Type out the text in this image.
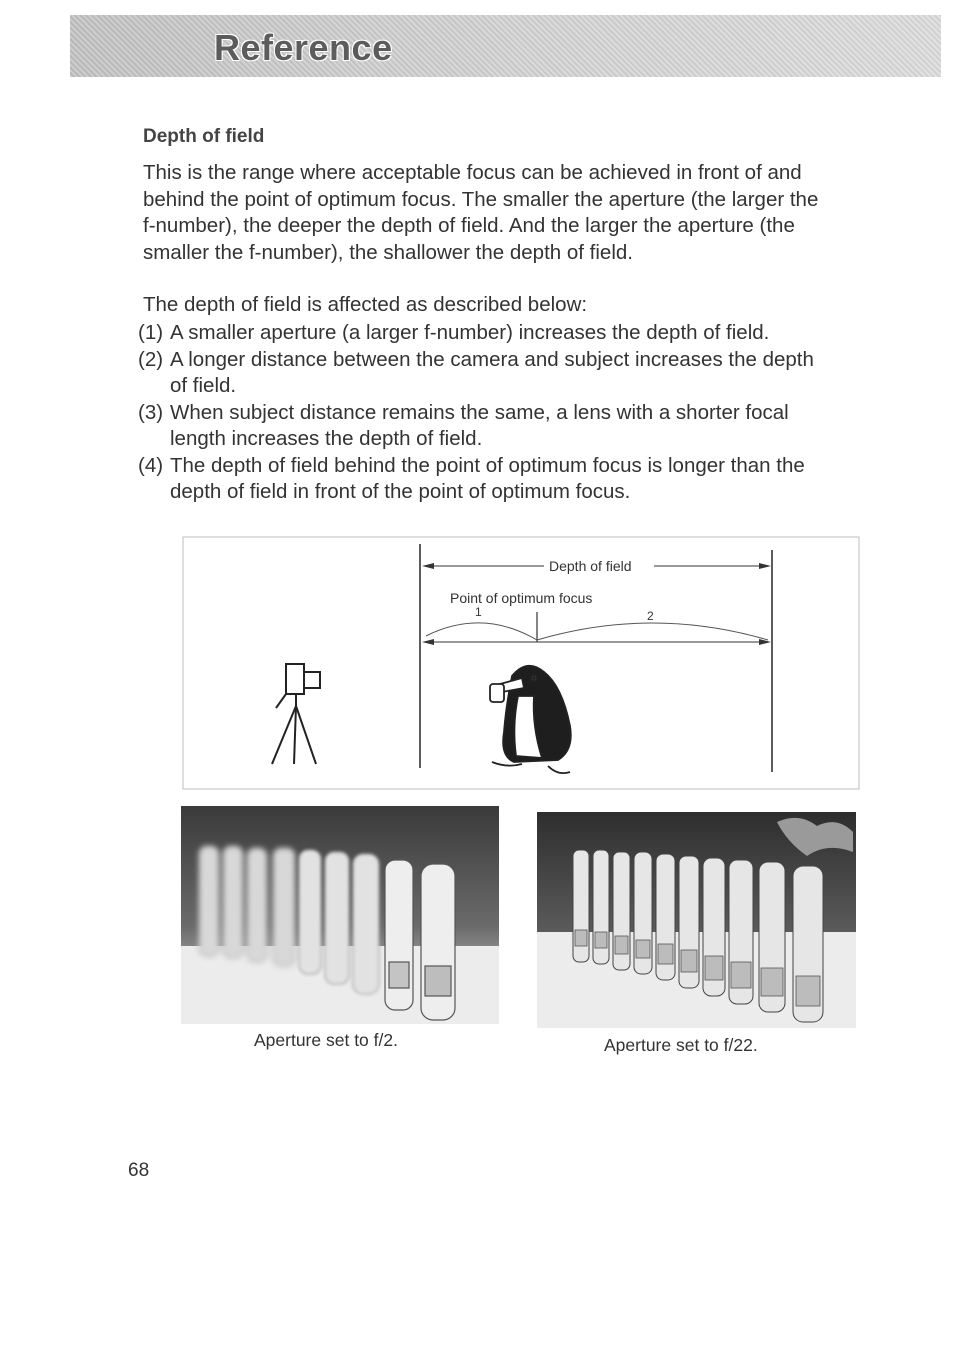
Reference
Depth of field
This is the range where acceptable focus can be achieved in front of and
behind the point of optimum focus. The smaller the aperture (the larger the
f-number), the deeper the depth of field. And the larger the aperture (the
smaller the f-number), the shallower the depth of field.
The depth of field is affected as described below:
(1) A smaller aperture (a larger f-number) increases the depth of field.
(2) A longer distance between the camera and subject increases the depth
of field.
(3) When subject distance remains the same, a lens with a shorter focal
length increases the depth of field.
(4) The depth of field behind the point of optimum focus is longer than the
depth of field in front of the point of optimum focus.
Depth of field
Point of optimum focus
1	2
Aperture set to f/2.	Aperture set to f/22.
68
